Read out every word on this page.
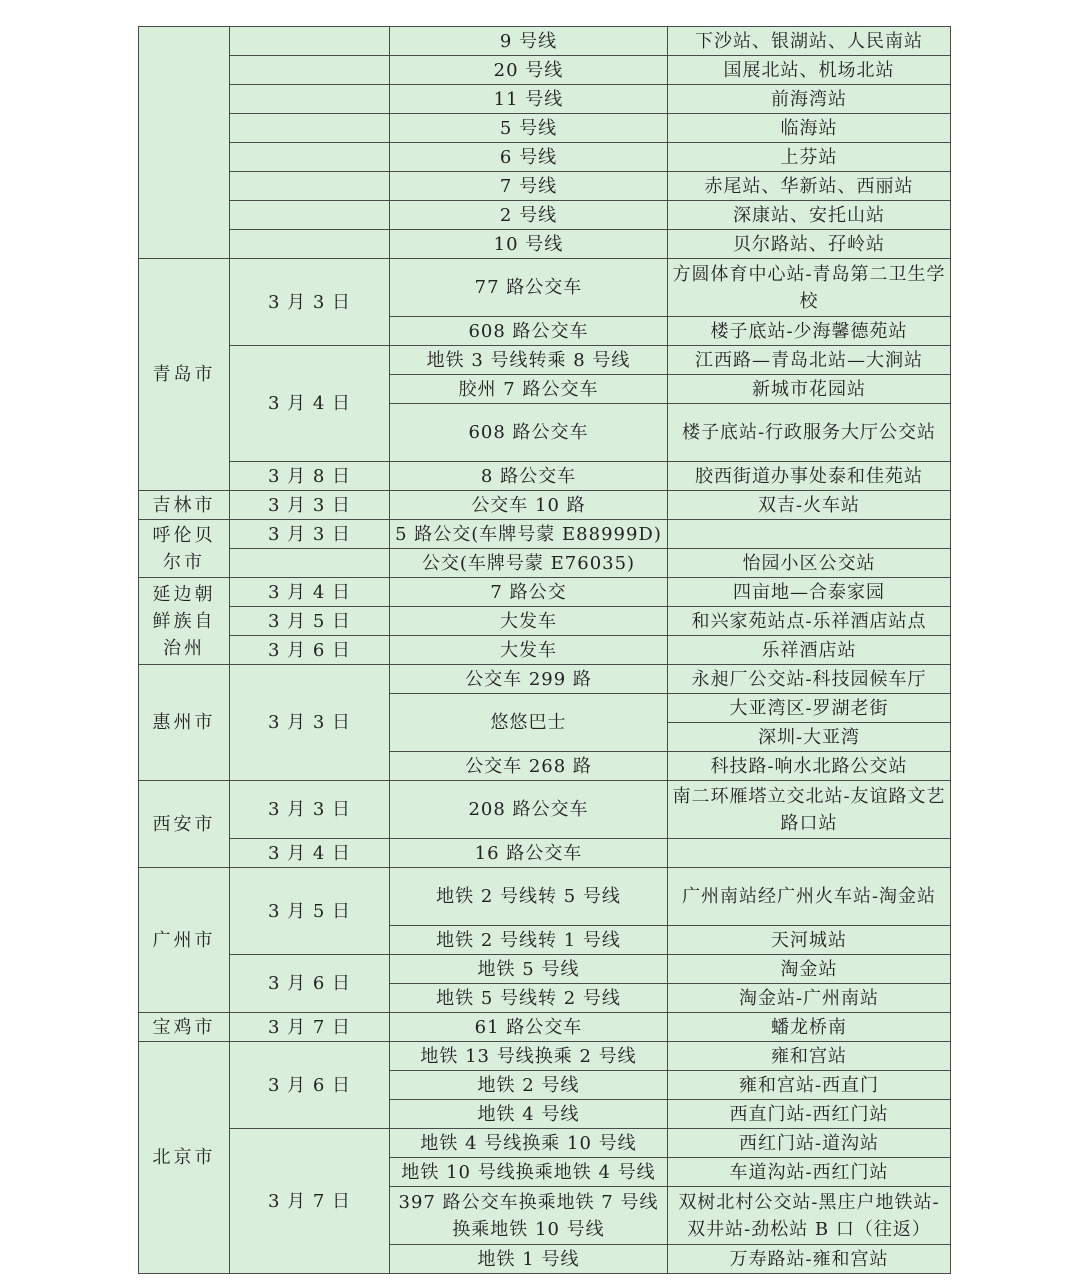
		9 号线	下沙站、银湖站、人民南站
		20 号线	国展北站、机场北站
		11 号线	前海湾站
		5 号线	临海站
		6 号线	上芬站
		7 号线	赤尾站、华新站、西丽站
		2 号线	深康站、安托山站
		10 号线	贝尔路站、孖岭站
青岛市	3 月 3 日	77 路公交车	方圆体育中心站-青岛第二卫生学校
		608 路公交车	楼子底站-少海馨德苑站
	3 月 4 日	地铁 3 号线转乘 8 号线	江西路—青岛北站—大涧站
		胶州 7 路公交车	新城市花园站
		608 路公交车	楼子底站-行政服务大厅公交站
	3 月 8 日	8 路公交车	胶西街道办事处泰和佳苑站
吉林市	3 月 3 日	公交车 10 路	双吉-火车站
呼伦贝尔市	3 月 3 日	5 路公交(车牌号蒙 E88999D)	
		公交(车牌号蒙 E76035)	怡园小区公交站
延边朝鲜族自治州	3 月 4 日	7 路公交	四亩地—合泰家园
	3 月 5 日	大发车	和兴家苑站点-乐祥酒店站点
	3 月 6 日	大发车	乐祥酒店站
惠州市	3 月 3 日	公交车 299 路	永昶厂公交站-科技园候车厅
		悠悠巴士	大亚湾区-罗湖老街
			深圳-大亚湾
		公交车 268 路	科技路-响水北路公交站
西安市	3 月 3 日	208 路公交车	南二环雁塔立交北站-友谊路文艺路口站
	3 月 4 日	16 路公交车	
广州市	3 月 5 日	地铁 2 号线转 5 号线	广州南站经广州火车站-淘金站
		地铁 2 号线转 1 号线	天河城站
	3 月 6 日	地铁 5 号线	淘金站
		地铁 5 号线转 2 号线	淘金站-广州南站
宝鸡市	3 月 7 日	61 路公交车	蟠龙桥南
北京市	3 月 6 日	地铁 13 号线换乘 2 号线	雍和宫站
		地铁 2 号线	雍和宫站-西直门
		地铁 4 号线	西直门站-西红门站
	3 月 7 日	地铁 4 号线换乘 10 号线	西红门站-道沟站
		地铁 10 号线换乘地铁 4 号线	车道沟站-西红门站
		397 路公交车换乘地铁 7 号线换乘地铁 10 号线	双树北村公交站-黑庄户地铁站-双井站-劲松站 B 口（往返）
		地铁 1 号线	万寿路站-雍和宫站
